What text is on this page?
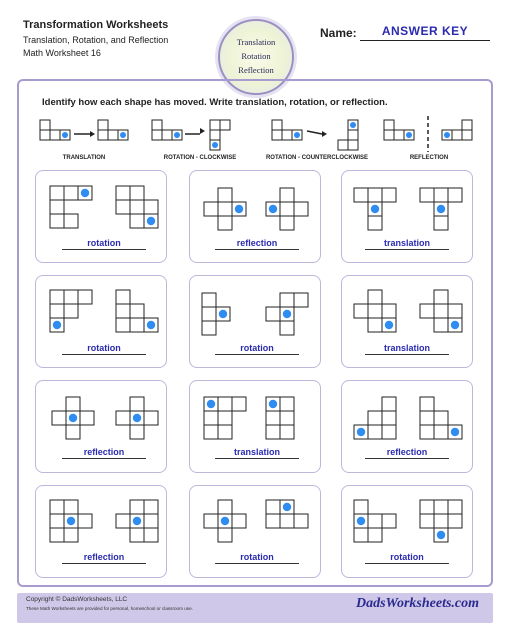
Transformation Worksheets
Translation, Rotation, and Reflection
Math Worksheet 16
Translation
Rotation
Reflection
Name:	ANSWER KEY
Identify how each shape has moved. Write translation, rotation, or reflection.
TRANSLATION	ROTATION - CLOCKWISE	ROTATION - COUNTERCLOCKWISE	REFLECTION
rotation	reflection	translation
rotation	rotation	translation
reflection	translation	reflection
reflection	rotation	rotation
Copyright © DadsWorksheets, LLC
These Math Worksheets are provided for personal, homeschool or classroom use.	DadsWorksheets.com
